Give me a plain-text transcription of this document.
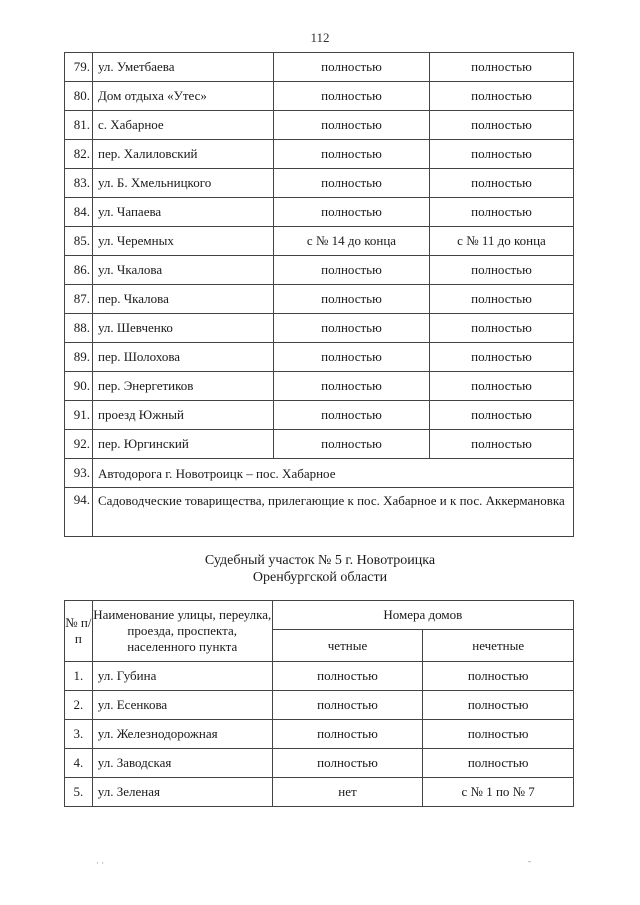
112
79.	ул. Уметбаева	полностью	полностью
80.	Дом отдыха «Утес»	полностью	полностью
81.	с. Хабарное	полностью	полностью
82.	пер. Халиловский	полностью	полностью
83.	ул. Б. Хмельницкого	полностью	полностью
84.	ул. Чапаева	полностью	полностью
85.	ул. Черемных	с № 14 до конца	с № 11 до конца
86.	ул. Чкалова	полностью	полностью
87.	пер. Чкалова	полностью	полностью
88.	ул. Шевченко	полностью	полностью
89.	пер. Шолохова	полностью	полностью
90.	пер. Энергетиков	полностью	полностью
91.	проезд Южный	полностью	полностью
92.	пер. Юргинский	полностью	полностью
93.	Автодорога г. Новотроицк – пос. Хабарное		
94.	Садоводческие товарищества, прилегающие к пос. Хабарное и к пос. Аккермановка		
Судебный участок № 5 г. Новотроицка
Оренбургской области
№ п/п	Наименование улицы, переулка, проезда, проспекта, населенного пункта	Номера домов	
		четные	нечетные
1.	ул. Губина	полностью	полностью
2.	ул. Есенкова	полностью	полностью
3.	ул. Железнодорожная	полностью	полностью
4.	ул. Заводская	полностью	полностью
5.	ул. Зеленая	нет	с № 1 по № 7
· ·	-
